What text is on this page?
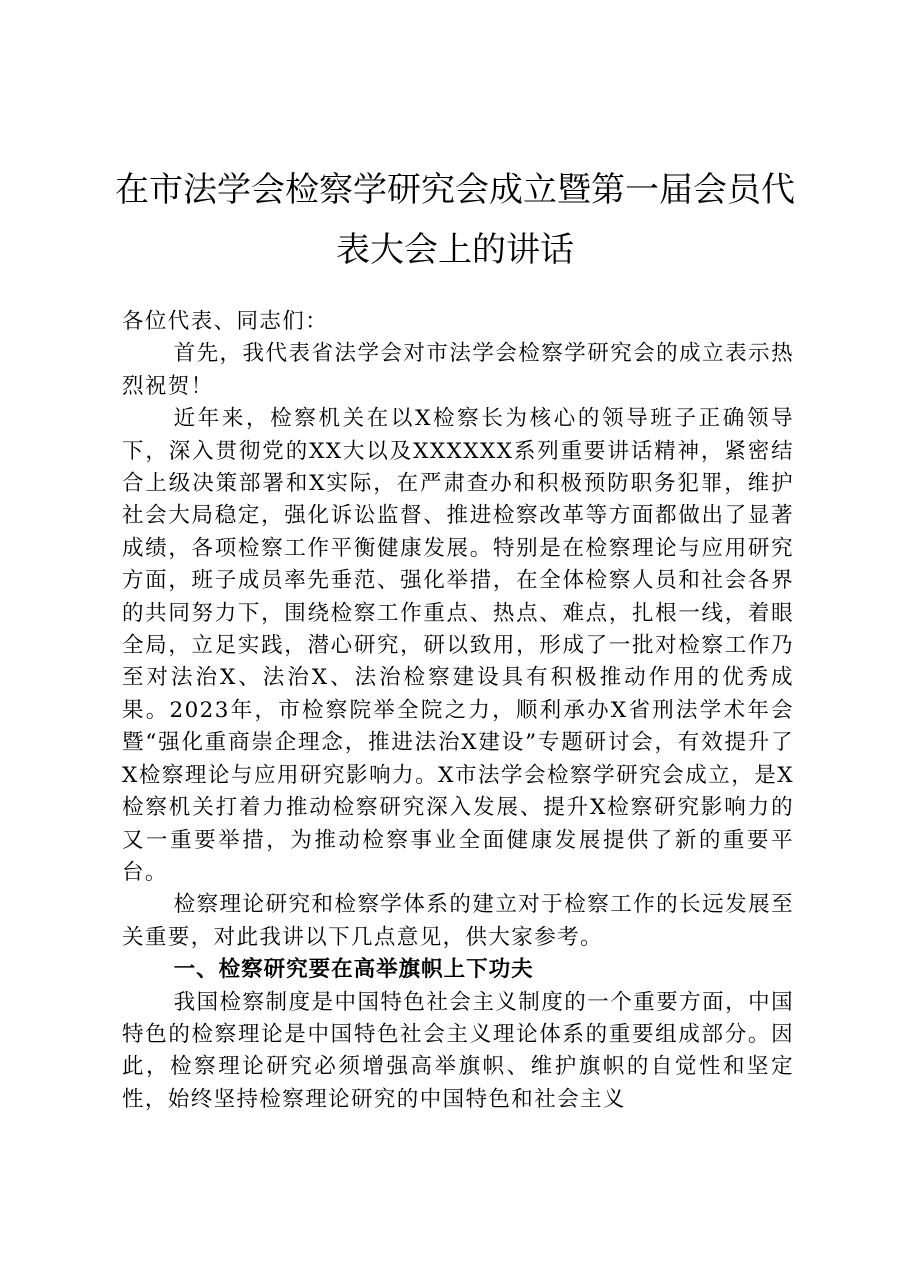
在市法学会检察学研究会成立暨第一届会员代表大会上的讲话

各位代表、同志们：

首先，我代表省法学会对市法学会检察学研究会的成立表示热烈祝贺！

近年来，检察机关在以X检察长为核心的领导班子正确领导下，深入贯彻党的XX大以及XXXXXX系列重要讲话精神，紧密结合上级决策部署和X实际，在严肃查办和积极预防职务犯罪，维护社会大局稳定，强化诉讼监督、推进检察改革等方面都做出了显著成绩，各项检察工作平衡健康发展。特别是在检察理论与应用研究方面，班子成员率先垂范、强化举措，在全体检察人员和社会各界的共同努力下，围绕检察工作重点、热点、难点，扎根一线，着眼全局，立足实践，潜心研究，研以致用，形成了一批对检察工作乃至对法治X、法治X、法治检察建设具有积极推动作用的优秀成果。2023年，市检察院举全院之力，顺利承办X省刑法学术年会暨“强化重商崇企理念，推进法治X建设”专题研讨会，有效提升了X检察理论与应用研究影响力。X市法学会检察学研究会成立，是X检察机关打着力推动检察研究深入发展、提升X检察研究影响力的又一重要举措，为推动检察事业全面健康发展提供了新的重要平台。

检察理论研究和检察学体系的建立对于检察工作的长远发展至关重要，对此我讲以下几点意见，供大家参考。

一、检察研究要在高举旗帜上下功夫

我国检察制度是中国特色社会主义制度的一个重要方面，中国特色的检察理论是中国特色社会主义理论体系的重要组成部分。因此，检察理论研究必须增强高举旗帜、维护旗帜的自觉性和坚定性，始终坚持检察理论研究的中国特色和社会主义
